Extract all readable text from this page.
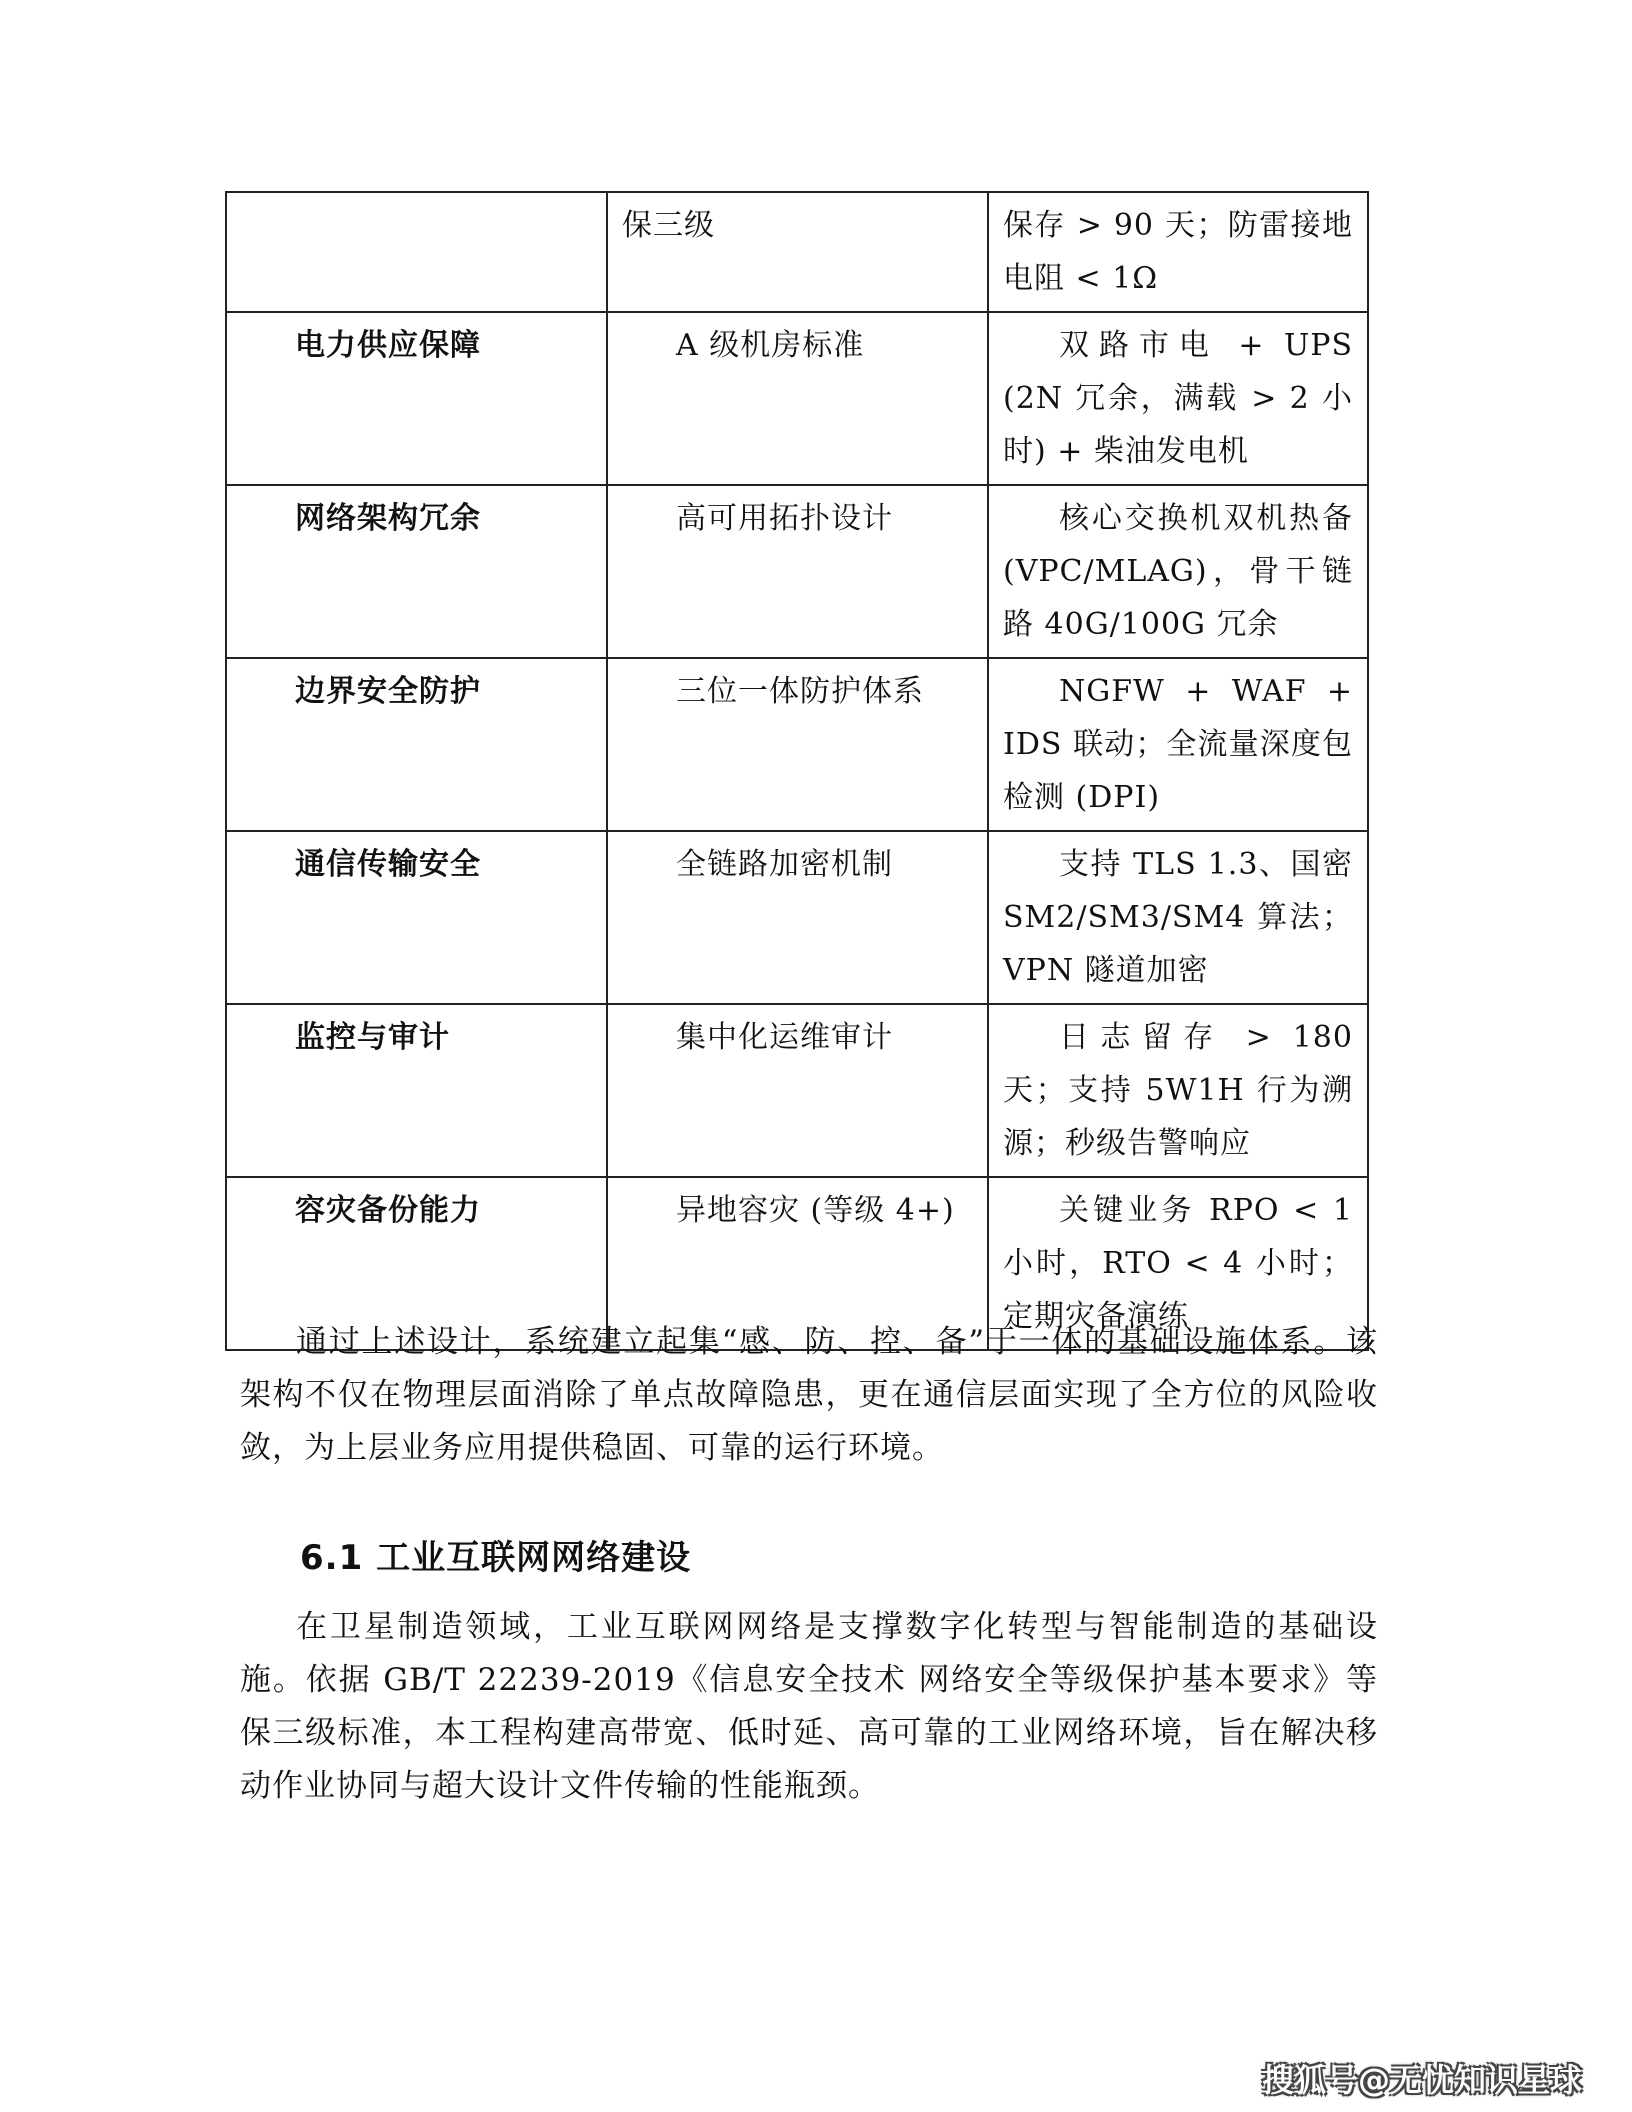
	保三级	保存 > 90 天；防雷接地电阻 < 1Ω
电力供应保障	A 级机房标准	双路市电 + UPS (2N 冗余，满载 > 2 小时) + 柴油发电机
网络架构冗余	高可用拓扑设计	核心交换机双机热备 (VPC/MLAG)，骨干链路 40G/100G 冗余
边界安全防护	三位一体防护体系	NGFW + WAF + IDS 联动；全流量深度包检测 (DPI)
通信传输安全	全链路加密机制	支持 TLS 1.3、国密 SM2/SM3/SM4 算法；VPN 隧道加密
监控与审计	集中化运维审计	日志留存 > 180 天；支持 5W1H 行为溯源；秒级告警响应
容灾备份能力	异地容灾 (等级 4+)	关键业务 RPO < 1 小时，RTO < 4 小时；定期灾备演练

通过上述设计，系统建立起集“感、防、控、备”于一体的基础设施体系。该架构不仅在物理层面消除了单点故障隐患，更在通信层面实现了全方位的风险收敛，为上层业务应用提供稳固、可靠的运行环境。

6.1 工业互联网网络建设

在卫星制造领域，工业互联网网络是支撑数字化转型与智能制造的基础设施。依据 GB/T 22239-2019《信息安全技术 网络安全等级保护基本要求》等保三级标准，本工程构建高带宽、低时延、高可靠的工业网络环境，旨在解决移动作业协同与超大设计文件传输的性能瓶颈。

搜狐号@无忧知识星球
